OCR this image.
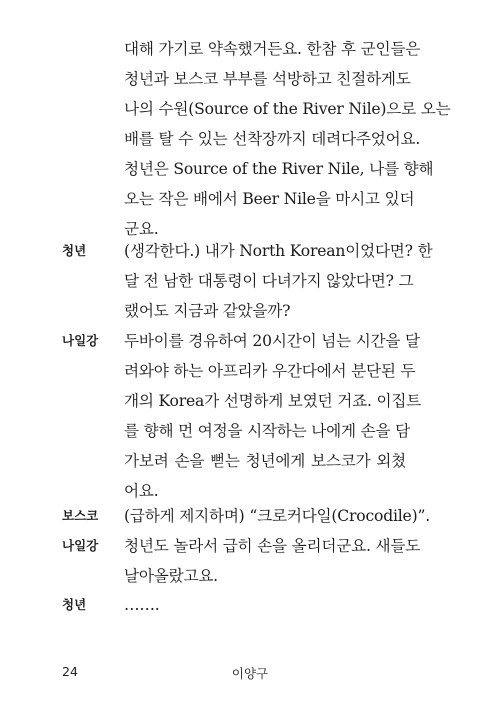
대해 가기로 약속했거든요. 한참 후 군인들은
청년과 보스코 부부를 석방하고 친절하게도
나의 수원(Source of the River Nile)으로 오는
배를 탈 수 있는 선착장까지 데려다주었어요.
청년은 Source of the River Nile, 나를 향해
오는 작은 배에서 Beer Nile을 마시고 있더
군요.
청년	(생각한다.) 내가 North Korean이었다면? 한
달 전 남한 대통령이 다녀가지 않았다면? 그
랬어도 지금과 같았을까?
나일강	두바이를 경유하여 20시간이 넘는 시간을 달
려와야 하는 아프리카 우간다에서 분단된 두
개의 Korea가 선명하게 보였던 거죠. 이집트
를 향해 먼 여정을 시작하는 나에게 손을 담
가보려 손을 뻗는 청년에게 보스코가 외쳤
어요.
보스코	(급하게 제지하며) “크로커다일(Crocodile)”.
나일강	청년도 놀라서 급히 손을 올리더군요. 새들도
날아올랐고요.
청년	…….
24	이양구
